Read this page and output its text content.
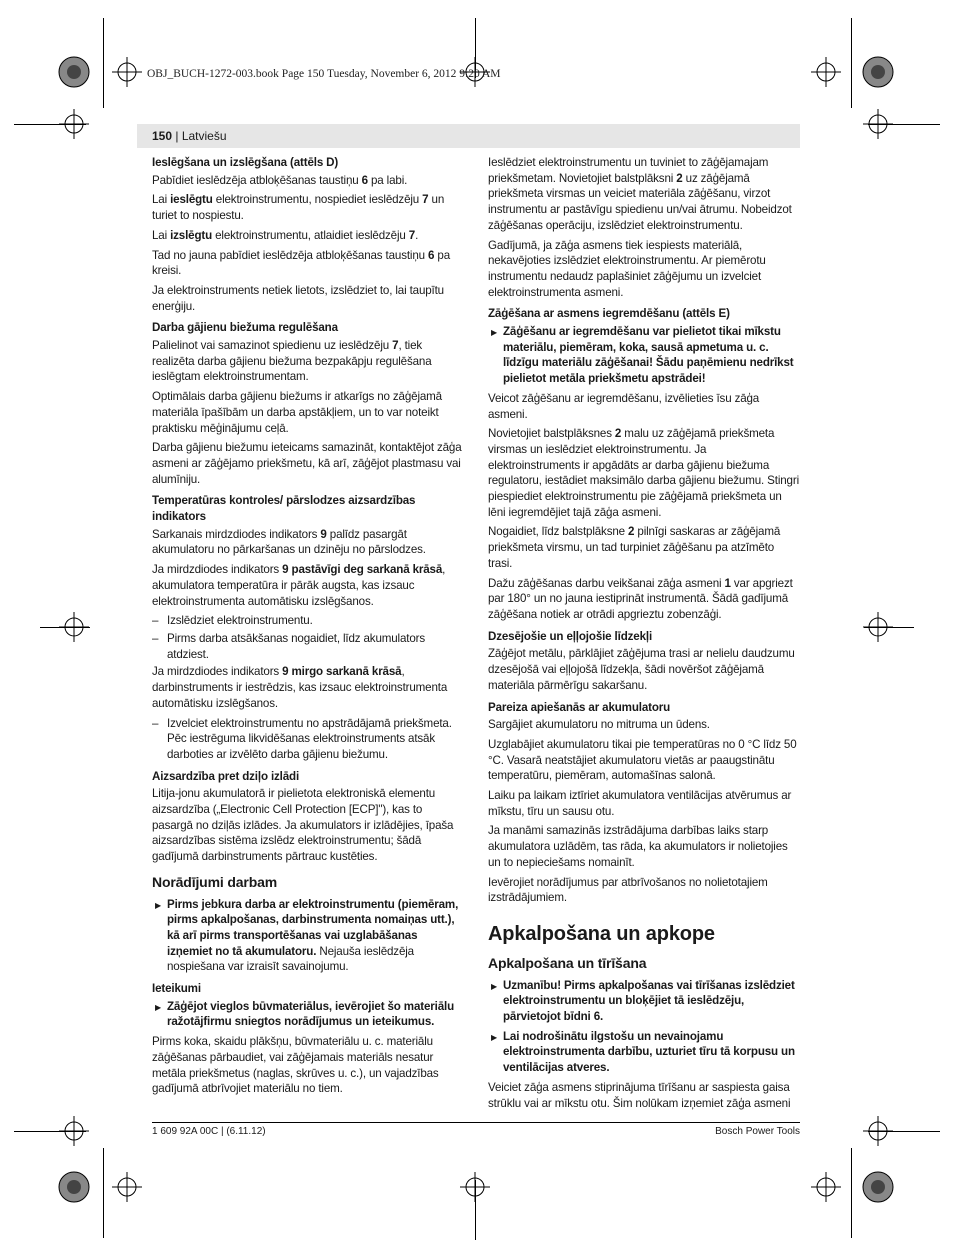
OBJ_BUCH-1272-003.book Page 150 Tuesday, November 6, 2012 9:20 AM
150 | Latviešu

Ieslēgšana un izslēgšana (attēls D)

Pabīdiet ieslēdzēja atbloķēšanas taustiņu 6 pa labi.

Lai ieslēgtu elektroinstrumentu, nospiediet ieslēdzēju 7 un turiet to nospiestu.

Lai izslēgtu elektroinstrumentu, atlaidiet ieslēdzēju 7.

Tad no jauna pabīdiet ieslēdzēja atbloķēšanas taustiņu 6 pa kreisi.

Ja elektroinstruments netiek lietots, izslēdziet to, lai taupītu enerģiju.

Darba gājienu biežuma regulēšana

Palielinot vai samazinot spiedienu uz ieslēdzēju 7, tiek realizēta darba gājienu biežuma bezpakāpju regulēšana ieslēgtam elektroinstrumentam.

Optimālais darba gājienu biežums ir atkarīgs no zāģējamā materiāla īpašībām un darba apstākļiem, un to var noteikt praktisku mēģinājumu ceļā.

Darba gājienu biežumu ieteicams samazināt, kontaktējot zāģa asmeni ar zāģējamo priekšmetu, kā arī, zāģējot plastmasu vai alumīniju.

Temperatūras kontroles/ pārslodzes aizsardzības indikators

Sarkanais mirdzdiodes indikators 9 palīdz pasargāt akumulatoru no pārkaršanas un dzinēju no pārslodzes.

Ja mirdzdiodes indikators 9 pastāvīgi deg sarkanā krāsā, akumulatora temperatūra ir pārāk augsta, kas izsauc elektroinstrumenta automātisku izslēgšanos.

– Izslēdziet elektroinstrumentu.

– Pirms darba atsākšanas nogaidiet, līdz akumulators atdziest.

Ja mirdzdiodes indikators 9 mirgo sarkanā krāsā, darbinstruments ir iestrēdzis, kas izsauc elektroinstrumenta automātisku izslēgšanos.

– Izvelciet elektroinstrumentu no apstrādājamā priekšmeta. Pēc iestrēguma likvidēšanas elektroinstruments atsāk darboties ar izvēlēto darba gājienu biežumu.

Aizsardzība pret dziļo izlādi

Litija-jonu akumulatorā ir pielietota elektroniskā elementu aizsardzība („Electronic Cell Protection [ECP]"), kas to pasargā no dziļās izlādes. Ja akumulators ir izlādējies, īpaša aizsardzības sistēma izslēdz elektroinstrumentu; šādā gadījumā darbinstruments pārtrauc kustēties.

Norādījumi darbam

▶ Pirms jebkura darba ar elektroinstrumentu (piemēram, pirms apkalpošanas, darbinstrumenta nomaiņas utt.), kā arī pirms transportēšanas vai uzglabāšanas izņemiet no tā akumulatoru. Nejauša ieslēdzēja nospiešana var izraisīt savainojumu.

Ieteikumi

▶ Zāģējot vieglos būvmateriālus, ievērojiet šo materiālu ražotājfirmu sniegtos norādījumus un ieteikumus.

Pirms koka, skaidu plākšņu, būvmateriālu u. c. materiālu zāģēšanas pārbaudiet, vai zāģējamais materiāls nesatur metāla priekšmetus (naglas, skrūves u. c.), un vajadzības gadījumā atbrīvojiet materiālu no tiem.

Ieslēdziet elektroinstrumentu un tuviniet to zāģējamajam priekšmetam. Novietojiet balstplāksni 2 uz zāģējamā priekšmeta virsmas un veiciet materiāla zāģēšanu, virzot instrumentu ar pastāvīgu spiedienu un/vai ātrumu. Nobeidzot zāģēšanas operāciju, izslēdziet elektroinstrumentu.

Gadījumā, ja zāģa asmens tiek iespiests materiālā, nekavējoties izslēdziet elektroinstrumentu. Ar piemērotu instrumentu nedaudz paplašiniet zāģējumu un izvelciet elektroinstrumenta asmeni.

Zāģēšana ar asmens iegremdēšanu (attēls E)

▶ Zāģēšanu ar iegremdēšanu var pielietot tikai mīkstu materiālu, piemēram, koka, sausā apmetuma u. c. līdzīgu materiālu zāģēšanai! Šādu paņēmienu nedrīkst pielietot metāla priekšmetu apstrādei!

Veicot zāģēšanu ar iegremdēšanu, izvēlieties īsu zāģa asmeni.

Novietojiet balstplāksnes 2 malu uz zāģējamā priekšmeta virsmas un ieslēdziet elektroinstrumentu. Ja elektroinstruments ir apgādāts ar darba gājienu biežuma regulatoru, iestādiet maksimālo darba gājienu biežumu. Stingri piespiediet elektroinstrumentu pie zāģējamā priekšmeta un lēni iegremdējiet tajā zāģa asmeni.

Nogaidiet, līdz balstplāksne 2 pilnīgi saskaras ar zāģējamā priekšmeta virsmu, un tad turpiniet zāģēšanu pa atzīmēto trasi.

Dažu zāģēšanas darbu veikšanai zāģa asmeni 1 var apgriezt par 180° un no jauna iestiprināt instrumentā. Šādā gadījumā zāģēšana notiek ar otrādi apgrieztu zobenzāģi.

Dzesējošie un eļļojošie līdzekļi

Zāģējot metālu, pārklājiet zāģējuma trasi ar nelielu daudzumu dzesējošā vai eļļojošā līdzekļa, šādi novēršot zāģējamā materiāla pārmērīgu sakaršanu.

Pareiza apiešanās ar akumulatoru

Sargājiet akumulatoru no mitruma un ūdens.

Uzglabājiet akumulatoru tikai pie temperatūras no 0 °C līdz 50 °C. Vasarā neatstājiet akumulatoru vietās ar paaugstinātu temperatūru, piemēram, automašīnas salonā.

Laiku pa laikam iztīriet akumulatora ventilācijas atvērumus ar mīkstu, tīru un sausu otu.

Ja manāmi samazinās izstrādājuma darbības laiks starp akumulatora uzlādēm, tas rāda, ka akumulators ir nolietojies un to nepieciešams nomainīt.

Ievērojiet norādījumus par atbrīvošanos no nolietotajiem izstrādājumiem.

Apkalpošana un apkope

Apkalpošana un tīrīšana

▶ Uzmanību! Pirms apkalpošanas vai tīrīšanas izslēdziet elektroinstrumentu un bloķējiet tā ieslēdzēju, pārvietojot bīdni 6.

▶ Lai nodrošinātu ilgstošu un nevainojamu elektroinstrumenta darbību, uzturiet tīru tā korpusu un ventilācijas atveres.

Veiciet zāģa asmens stiprinājuma tīrīšanu ar saspiesta gaisa strūklu vai ar mīkstu otu. Šim nolūkam izņemiet zāģa asmeni

1 609 92A 00C | (6.11.12)	Bosch Power Tools
